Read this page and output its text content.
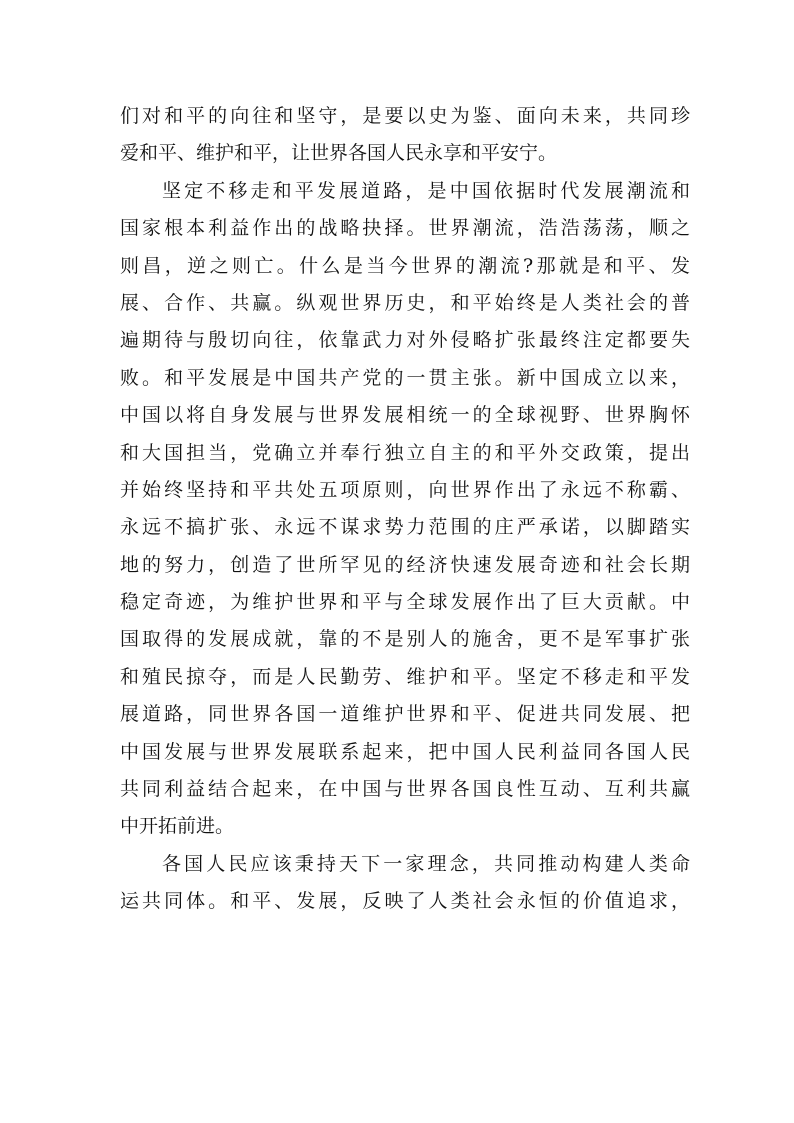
们对和平的向往和坚守，是要以史为鉴、面向未来，共同珍
爱和平、维护和平，让世界各国人民永享和平安宁。
坚定不移走和平发展道路，是中国依据时代发展潮流和
国家根本利益作出的战略抉择。世界潮流，浩浩荡荡，顺之
则昌，逆之则亡。什么是当今世界的潮流?那就是和平、发
展、合作、共赢。纵观世界历史，和平始终是人类社会的普
遍期待与殷切向往，依靠武力对外侵略扩张最终注定都要失
败。和平发展是中国共产党的一贯主张。新中国成立以来，
中国以将自身发展与世界发展相统一的全球视野、世界胸怀
和大国担当，党确立并奉行独立自主的和平外交政策，提出
并始终坚持和平共处五项原则，向世界作出了永远不称霸、
永远不搞扩张、永远不谋求势力范围的庄严承诺，以脚踏实
地的努力，创造了世所罕见的经济快速发展奇迹和社会长期
稳定奇迹，为维护世界和平与全球发展作出了巨大贡献。中
国取得的发展成就，靠的不是别人的施舍，更不是军事扩张
和殖民掠夺，而是人民勤劳、维护和平。坚定不移走和平发
展道路，同世界各国一道维护世界和平、促进共同发展、把
中国发展与世界发展联系起来，把中国人民利益同各国人民
共同利益结合起来，在中国与世界各国良性互动、互利共赢
中开拓前进。
各国人民应该秉持天下一家理念，共同推动构建人类命
运共同体。和平、发展，反映了人类社会永恒的价值追求，
